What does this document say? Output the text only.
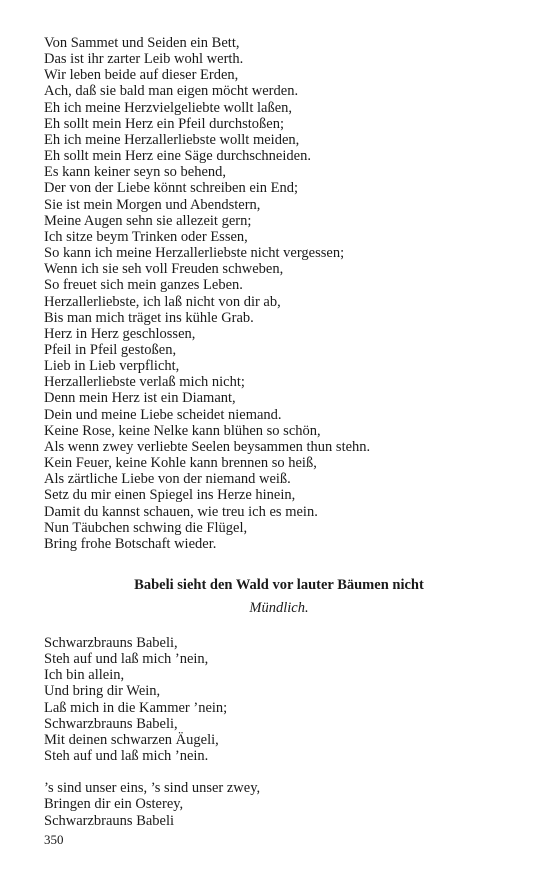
Von Sammet und Seiden ein Bett,
Das ist ihr zarter Leib wohl werth.
Wir leben beide auf dieser Erden,
Ach, daß sie bald man eigen möcht werden.
Eh ich meine Herzvielgeliebte wollt laßen,
Eh sollt mein Herz ein Pfeil durchstoßen;
Eh ich meine Herzallerliebste wollt meiden,
Eh sollt mein Herz eine Säge durchschneiden.
Es kann keiner seyn so behend,
Der von der Liebe könnt schreiben ein End;
Sie ist mein Morgen und Abendstern,
Meine Augen sehn sie allezeit gern;
Ich sitze beym Trinken oder Essen,
So kann ich meine Herzallerliebste nicht vergessen;
Wenn ich sie seh voll Freuden schweben,
So freuet sich mein ganzes Leben.
Herzallerliebste, ich laß nicht von dir ab,
Bis man mich träget ins kühle Grab.
Herz in Herz geschlossen,
Pfeil in Pfeil gestoßen,
Lieb in Lieb verpflicht,
Herzallerliebste verlaß mich nicht;
Denn mein Herz ist ein Diamant,
Dein und meine Liebe scheidet niemand.
Keine Rose, keine Nelke kann blühen so schön,
Als wenn zwey verliebte Seelen beysammen thun stehn.
Kein Feuer, keine Kohle kann brennen so heiß,
Als zärtliche Liebe von der niemand weiß.
Setz du mir einen Spiegel ins Herze hinein,
Damit du kannst schauen, wie treu ich es mein.
Nun Täubchen schwing die Flügel,
Bring frohe Botschaft wieder.
Babeli sieht den Wald vor lauter Bäumen nicht
Mündlich.
Schwarzbrauns Babeli,
Steh auf und laß mich ’nein,
Ich bin allein,
Und bring dir Wein,
Laß mich in die Kammer ’nein;
Schwarzbrauns Babeli,
Mit deinen schwarzen Äugeli,
Steh auf und laß mich ’nein.
’s sind unser eins, ’s sind unser zwey,
Bringen dir ein Osterey,
Schwarzbrauns Babeli
350
